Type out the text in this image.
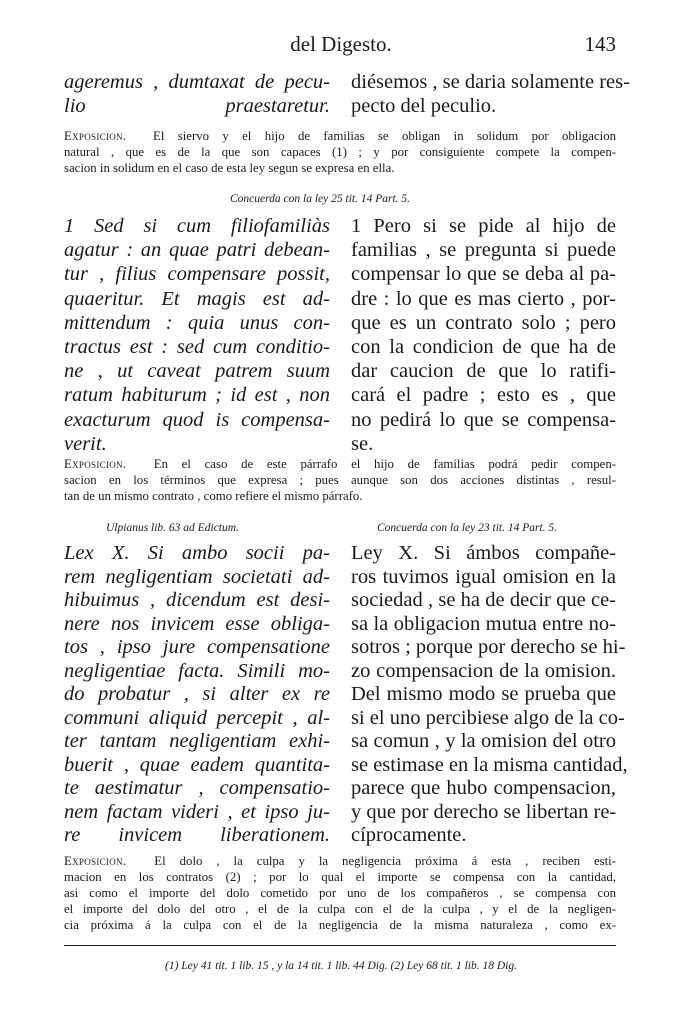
del Digesto.	143
ageremus , dumtaxat de pecu-
lio praestaretur.
diésemos , se daria solamente res-
pecto del peculio.
Exposicion. El siervo y el hijo de familias se obligan in solidum por obligacion
natural , que es de la que son capaces (1) ; y por consiguiente compete la compen-
sacion in solidum en el caso de esta ley segun se expresa en ella.
Concuerda con la ley 25 tit. 14 Part. 5.
1 Sed si cum filiofamiliàs
agatur : an quae patri debean-
tur , filius compensare possit,
quaeritur. Et magis est ad-
mittendum : quia unus con-
tractus est : sed cum conditio-
ne , ut caveat patrem suum
ratum habiturum ; id est , non
exacturum quod is compensa-
verit.
1 Pero si se pide al hijo de
familias , se pregunta si puede
compensar lo que se deba al pa-
dre : lo que es mas cierto , por-
que es un contrato solo ; pero
con la condicion de que ha de
dar caucion de que lo ratifi-
cará el padre ; esto es , que
no pedirá lo que se compensa-
se.
Exposicion. En el caso de este párrafo el hijo de familias podrá pedir compen-
sacion en los términos que expresa ; pues aunque son dos acciones distintas , resul-
tan de un mismo contrato , como refiere el mismo párrafo.
Ulpianus lib. 63 ad Edictum.	Concuerda con la ley 23 tit. 14 Part. 5.
Lex X. Si ambo socii pa-
rem negligentiam societati ad-
hibuimus , dicendum est desi-
nere nos invicem esse obliga-
tos , ipso jure compensatione
negligentiae facta. Simili mo-
do probatur , si alter ex re
communi aliquid percepit , al-
ter tantam negligentiam exhi-
buerit , quae eadem quantita-
te aestimatur , compensatio-
nem factam videri , et ipso ju-
re invicem liberationem.
Ley X. Si ámbos compañe-
ros tuvimos igual omision en la
sociedad , se ha de decir que ce-
sa la obligacion mutua entre no-
sotros ; porque por derecho se hi-
zo compensacion de la omision.
Del mismo modo se prueba que
si el uno percibiese algo de la co-
sa comun , y la omision del otro
se estimase en la misma cantidad,
parece que hubo compensacion,
y que por derecho se libertan re-
cíprocamente.
Exposicion. El dolo , la culpa y la negligencia próxima á esta , reciben esti-
macion en los contratos (2) ; por lo qual el importe se compensa con la cantidad,
asi como el importe del dolo cometido por uno de los compañeros , se compensa con
el importe del dolo del otro , el de la culpa con el de la culpa , y el de la negligen-
cia próxima á la culpa con el de la negligencia de la misma naturaleza , como ex-
(1) Ley 41 tit. 1 lib. 15 , y la 14 tit. 1 lib. 44 Dig. (2) Ley 68 tit. 1 lib. 18 Dig.
